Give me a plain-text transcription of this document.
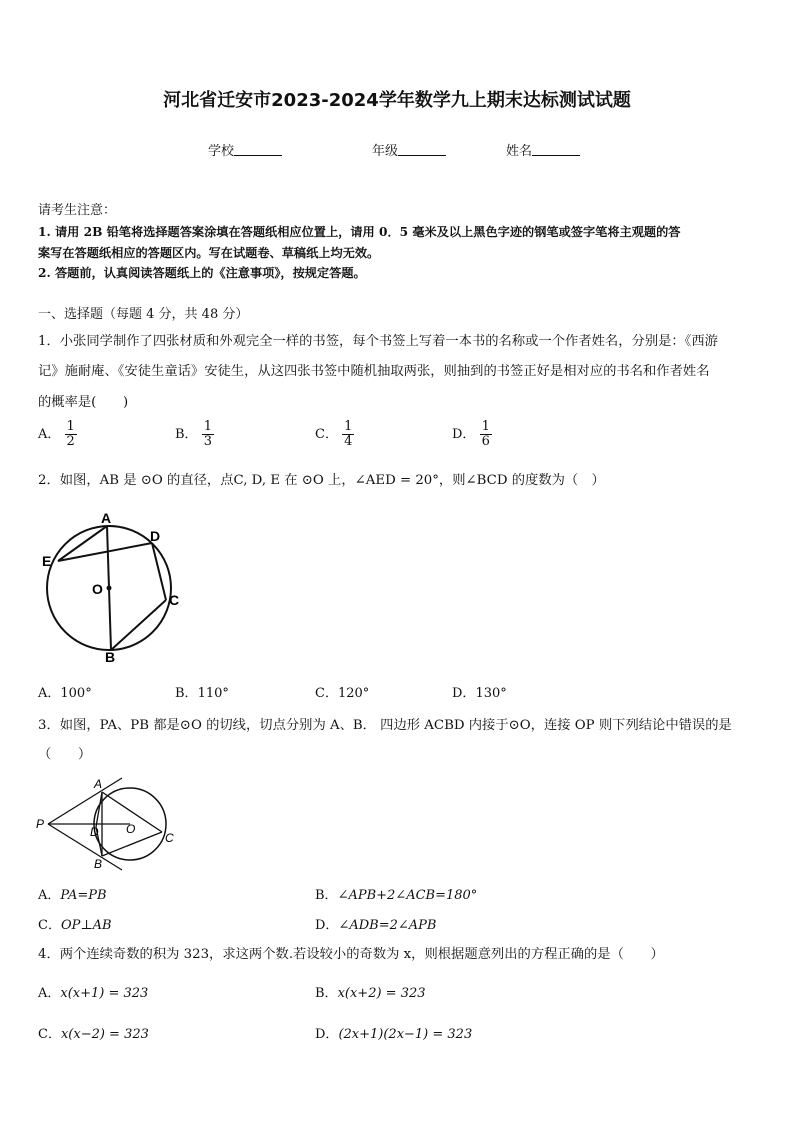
河北省迁安市2023-2024学年数学九上期末达标测试试题
学校	年级	姓名
请考生注意：
1. 请用 2B 铅笔将选择题答案涂填在答题纸相应位置上，请用 0．5 毫米及以上黑色字迹的钢笔或签字笔将主观题的答
案写在答题纸相应的答题区内。写在试题卷、草稿纸上均无效。
2. 答题前，认真阅读答题纸上的《注意事项》，按规定答题。
一、选择题（每题 4 分，共 48 分）
1．小张同学制作了四张材质和外观完全一样的书签，每个书签上写着一本书的名称或一个作者姓名，分别是：《西游
记》施耐庵、《安徒生童话》安徒生，从这四张书签中随机抽取两张，则抽到的书签正好是相对应的书名和作者姓名
的概率是(　　)
A． $\frac{1}{2}$	B． $\frac{1}{3}$	C． $\frac{1}{4}$	D． $\frac{1}{6}$
2．如图，AB 是 ⊙O 的直径，点C, D, E 在 ⊙O 上，∠AED = 20°，则∠BCD 的度数为（　）
A
B
C
D
E
O
A．100°	B．110°	C．120°	D．130°
3．如图，PA、PB 都是⊙O 的切线，切点分别为 A、B． 四边形 ACBD 内接于⊙O，连接 OP 则下列结论中错误的是
（　　）
A
B
C
D
P	O
A．PA=PB	B．∠APB+2∠ACB=180°
C．OP⊥AB	D．∠ADB=2∠APB
4．两个连续奇数的积为 323，求这两个数.若设较小的奇数为 x，则根据题意列出的方程正确的是（　　）
A．x(x+1) = 323	B．x(x+2) = 323
C．x(x−2) = 323	D．(2x+1)(2x−1) = 323
